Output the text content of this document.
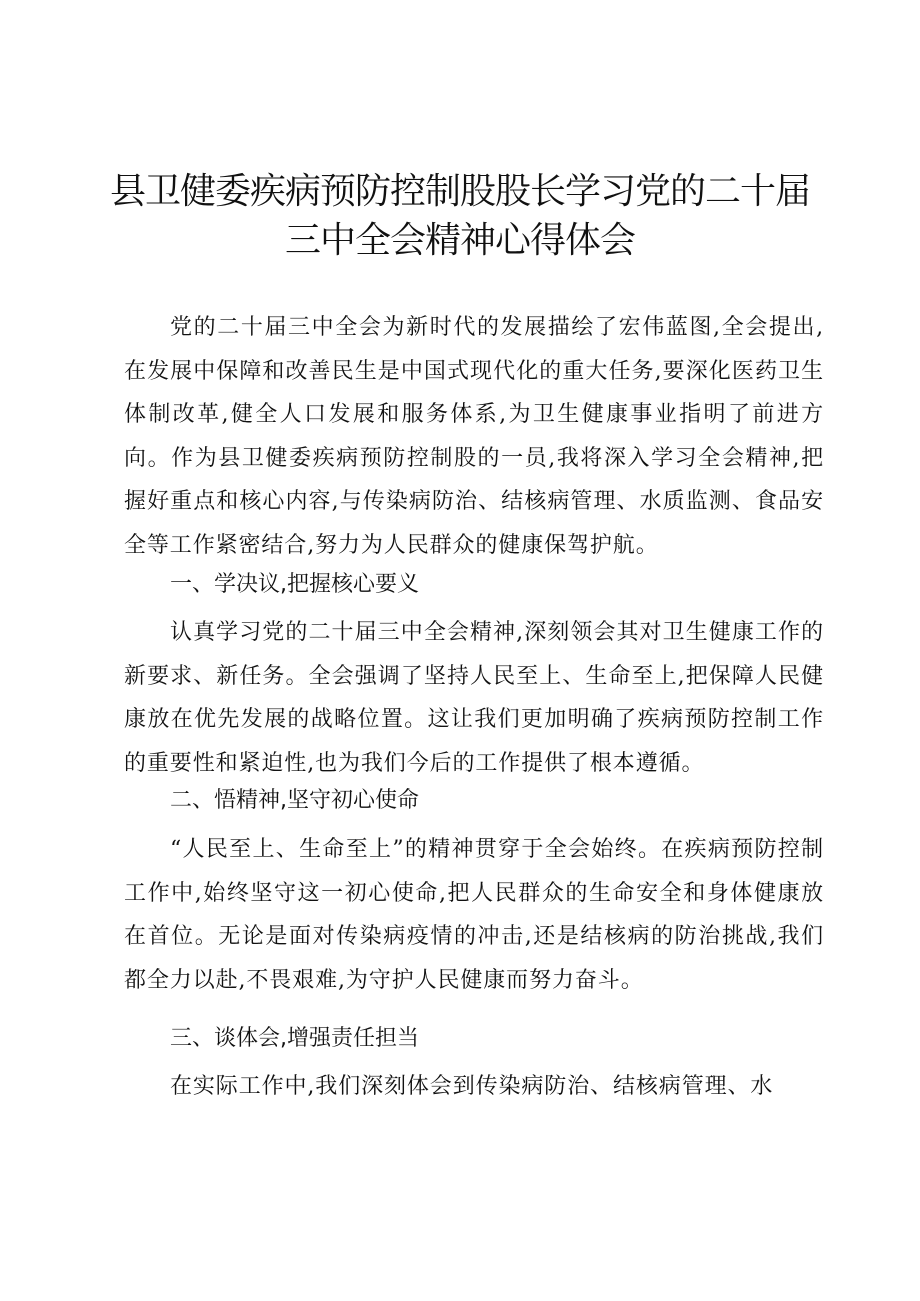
县卫健委疾病预防控制股股长学习党的二十届
三中全会精神心得体会

党的二十届三中全会为新时代的发展描绘了宏伟蓝图,全会提出,在发展中保障和改善民生是中国式现代化的重大任务,要深化医药卫生体制改革,健全人口发展和服务体系,为卫生健康事业指明了前进方向。作为县卫健委疾病预防控制股的一员,我将深入学习全会精神,把握好重点和核心内容,与传染病防治、结核病管理、水质监测、食品安全等工作紧密结合,努力为人民群众的健康保驾护航。

一、学决议,把握核心要义

认真学习党的二十届三中全会精神,深刻领会其对卫生健康工作的新要求、新任务。全会强调了坚持人民至上、生命至上,把保障人民健康放在优先发展的战略位置。这让我们更加明确了疾病预防控制工作的重要性和紧迫性,也为我们今后的工作提供了根本遵循。

二、悟精神,坚守初心使命

“人民至上、生命至上”的精神贯穿于全会始终。在疾病预防控制工作中,始终坚守这一初心使命,把人民群众的生命安全和身体健康放在首位。无论是面对传染病疫情的冲击,还是结核病的防治挑战,我们都全力以赴,不畏艰难,为守护人民健康而努力奋斗。

三、谈体会,增强责任担当

在实际工作中,我们深刻体会到传染病防治、结核病管理、水
